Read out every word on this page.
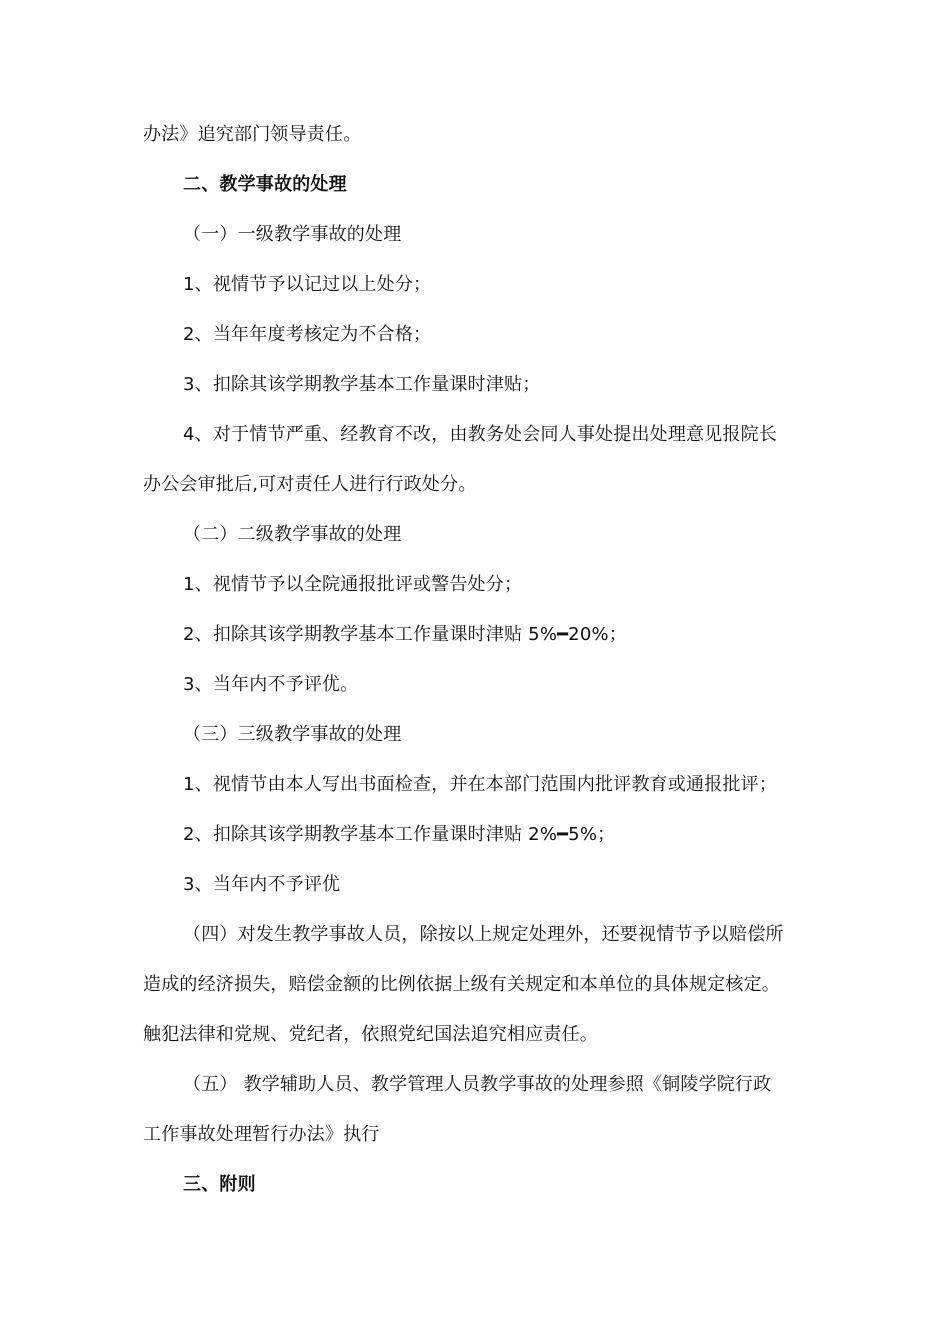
办法》追究部门领导责任。
二、教学事故的处理
（一）一级教学事故的处理
1、视情节予以记过以上处分；
2、当年年度考核定为不合格；
3、扣除其该学期教学基本工作量课时津贴；
4、对于情节严重、经教育不改，由教务处会同人事处提出处理意见报院长
办公会审批后,可对责任人进行行政处分。
（二）二级教学事故的处理
1、视情节予以全院通报批评或警告处分；
2、扣除其该学期教学基本工作量课时津贴 5%━20%；
3、当年内不予评优。
（三）三级教学事故的处理
1、视情节由本人写出书面检查，并在本部门范围内批评教育或通报批评；
2、扣除其该学期教学基本工作量课时津贴 2%━5%；
3、当年内不予评优
（四）对发生教学事故人员，除按以上规定处理外，还要视情节予以赔偿所
造成的经济损失，赔偿金额的比例依据上级有关规定和本单位的具体规定核定。
触犯法律和党规、党纪者，依照党纪国法追究相应责任。
（五） 教学辅助人员、教学管理人员教学事故的处理参照《铜陵学院行政
工作事故处理暂行办法》执行
三、附则
